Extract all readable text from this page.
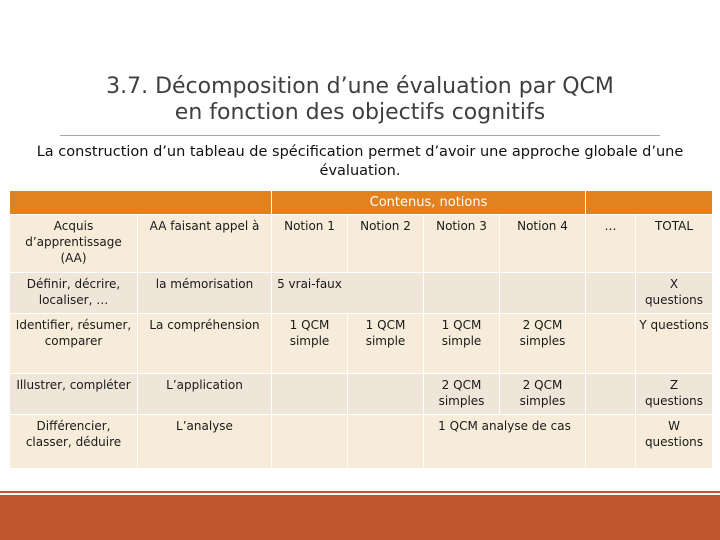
3.7. Décomposition d’une évaluation par QCM
en fonction des objectifs cognitifs

La construction d’un tableau de spécification permet d’avoir une approche globale d’une évaluation.

		Contenus, notions					
Acquis d’apprentissage (AA)	AA faisant appel à	Notion 1	Notion 2	Notion 3	Notion 4	…	TOTAL
Définir, décrire, localiser, …	la mémorisation	5 vrai-faux					X questions
Identifier, résumer, comparer	La compréhension	1 QCM simple	1 QCM simple	1 QCM simple	2 QCM simples		Y questions
Illustrer, compléter	L’application			2 QCM simples	2 QCM simples		Z questions
Différencier, classer, déduire	L’analyse			1 QCM analyse de cas			W questions
